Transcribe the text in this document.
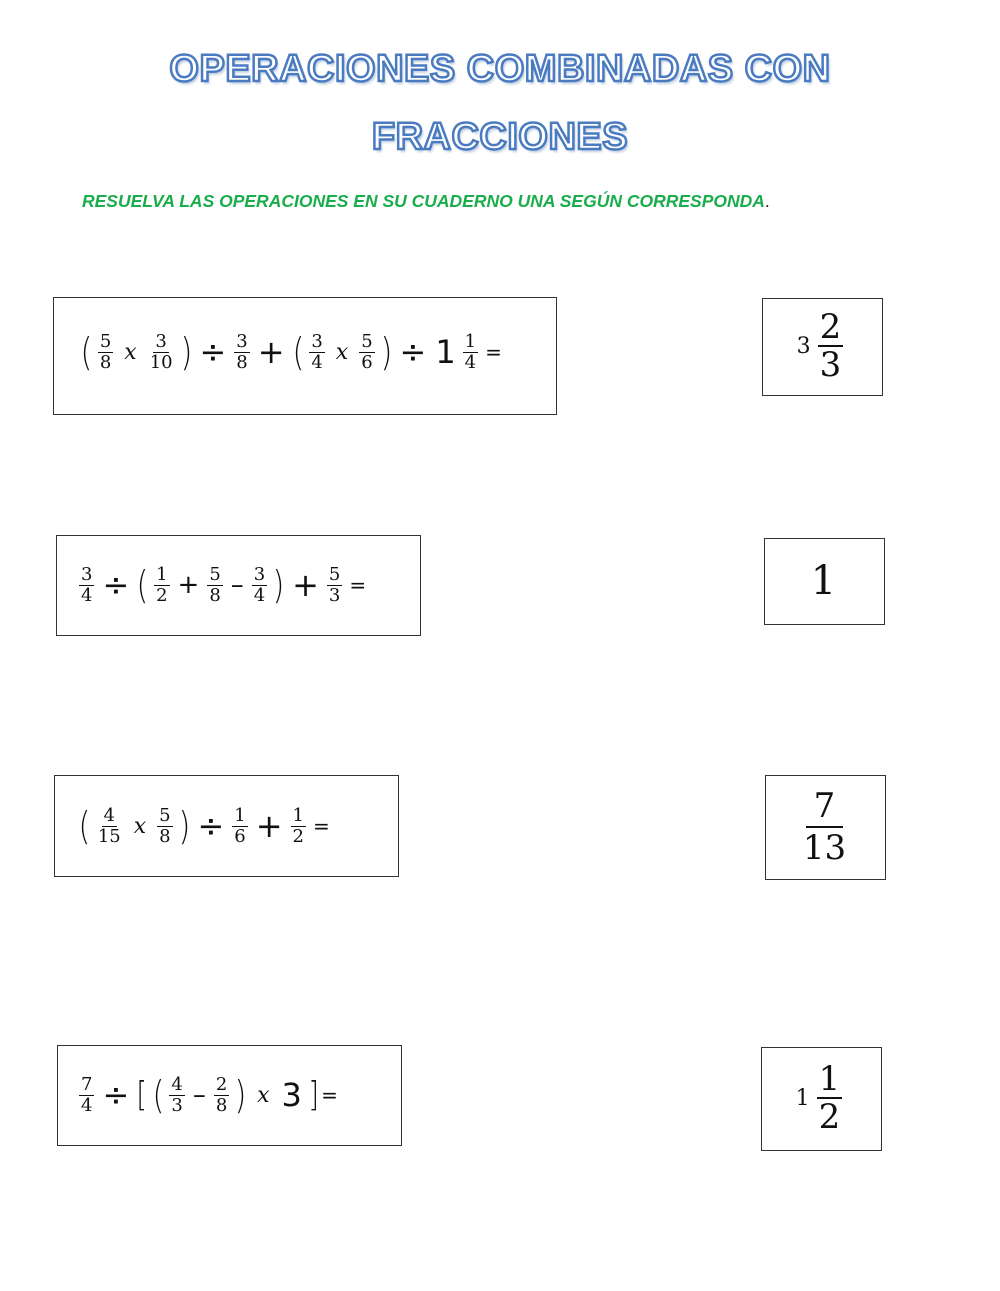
OPERACIONES COMBINADAS CON
FRACCIONES
RESUELVA LAS OPERACIONES EN SU CUADERNO UNA SEGÚN CORRESPONDA.
( $\frac{5}{8}$ x $\frac{3}{10}$ ) ÷ $\frac{3}{8}$ + ( $\frac{3}{4}$ x $\frac{5}{6}$ ) ÷ $1 \frac{1}{4}$ =
$\frac{3}{4}$ ÷ ( $\frac{1}{2} + \frac{5}{8} - \frac{3}{4}$ ) + $\frac{5}{3}$ =
( $\frac{4}{15}$ x $\frac{5}{8}$ ) ÷ $\frac{1}{6} + \frac{1}{2}$ =
$\frac{7}{4}$ ÷ [ ( $\frac{4}{3} - \frac{2}{8}$ ) x 3 ] =
$3 \frac{2}{3}$
1
$\frac{7}{13}$
$1 \frac{1}{2}$
